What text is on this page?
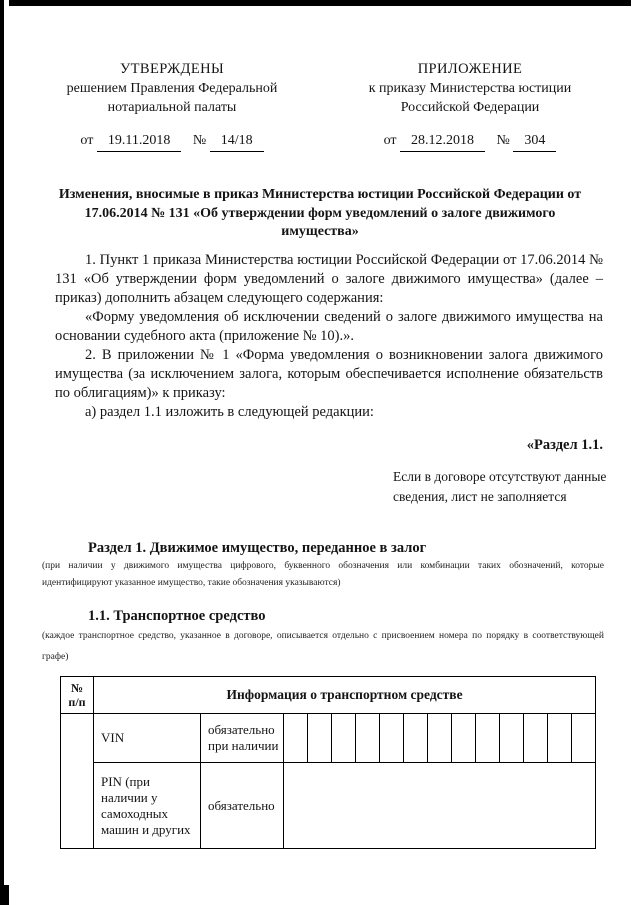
УТВЕРЖДЕНЫ
решением Правления Федеральной
нотариальной палаты
от 19.11.2018 № 14/18
ПРИЛОЖЕНИЕ
к приказу Министерства юстиции
Российской Федерации
от 28.12.2018 № 304
Изменения, вносимые в приказ Министерства юстиции Российской Федерации от 17.06.2014 № 131 «Об утверждении форм уведомлений о залоге движимого имущества»

1. Пункт 1 приказа Министерства юстиции Российской Федерации от 17.06.2014 № 131 «Об утверждении форм уведомлений о залоге движимого имущества» (далее – приказ) дополнить абзацем следующего содержания:

«Форму уведомления об исключении сведений о залоге движимого имущества на основании судебного акта (приложение № 10).».

2. В приложении № 1 «Форма уведомления о возникновении залога движимого имущества (за исключением залога, которым обеспечивается исполнение обязательств по облигациям)» к приказу:

а) раздел 1.1 изложить в следующей редакции:

«Раздел 1.1.
Если в договоре отсутствуют данные сведения, лист не заполняется
Раздел 1. Движимое имущество, переданное в залог
(при наличии у движимого имущества цифрового, буквенного обозначения или комбинации таких обозначений, которые идентифицируют указанное имущество, такие обозначения указываются)
1.1. Транспортное средство
(каждое транспортное средство, указанное в договоре, описывается отдельно с присвоением номера по порядку в соответствующей графе)
№
п/п	Информация о транспортном средстве		
	VIN	обязательно при наличии	

	PIN (при наличии у самоходных машин и других	обязательно	
